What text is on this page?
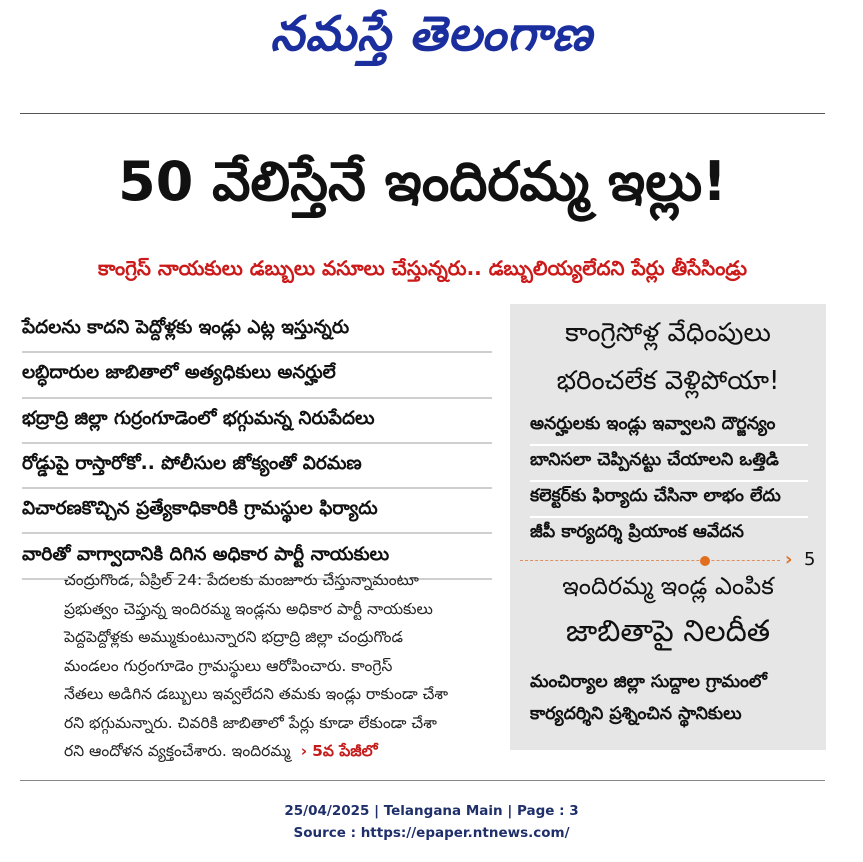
నమస్తే తెలంగాణ
50 వేలిస్తేనే ఇందిరమ్మ ఇల్లు!
కాంగ్రెస్ నాయకులు డబ్బులు వసూలు చేస్తున్నరు.. డబ్బులియ్యలేదని పేర్లు తీసేసిండ్రు
పేదలను కాదని పెద్దోళ్లకు ఇండ్లు ఎట్ల ఇస్తున్నరు
లబ్ధిదారుల జాబితాలో అత్యధికులు అనర్హులే
భద్రాద్రి జిల్లా గుర్రంగూడెంలో భగ్గుమన్న నిరుపేదలు
రోడ్డుపై రాస్తారోకో.. పోలీసుల జోక్యంతో విరమణ
విచారణకొచ్చిన ప్రత్యేకాధికారికి గ్రామస్థుల ఫిర్యాదు
వారితో వాగ్వాదానికి దిగిన అధికార పార్టీ నాయకులు
చంద్రుగొండ, ఏప్రిల్ 24: పేదలకు మంజూరు చేస్తున్నామంటూ
ప్రభుత్వం చెప్తున్న ఇందిరమ్మ ఇండ్లను అధికార పార్టీ నాయకులు
పెద్దపెద్దోళ్లకు అమ్ముకుంటున్నారని భద్రాద్రి జిల్లా చంద్రుగొండ
మండలం గుర్రంగూడెం గ్రామస్థులు ఆరోపించారు. కాంగ్రెస్
నేతలు అడిగిన డబ్బులు ఇవ్వలేదని తమకు ఇండ్లు రాకుండా చేశా
రని భగ్గుమన్నారు. చివరికి జాబితాలో పేర్లు కూడా లేకుండా చేశా
రని ఆందోళన వ్యక్తంచేశారు. ఇందిరమ్మ  › 5వ పేజీలో
కాంగ్రెసోళ్ల వేధింపులు
భరించలేక వెళ్లిపోయా!
అనర్హులకు ఇండ్లు ఇవ్వాలని దౌర్జన్యం
బానిసలా చెప్పినట్టు చేయాలని ఒత్తిడి
కలెక్టర్‌కు ఫిర్యాదు చేసినా లాభం లేదు
జీపీ కార్యదర్శి ప్రియాంక ఆవేదన
ఇందిరమ్మ ఇండ్ల ఎంపిక
జాబితాపై నిలదీత
మంచిర్యాల జిల్లా సుద్దాల గ్రామంలో
కార్యదర్శిని ప్రశ్నించిన స్థానికులు
› 5
25/04/2025 | Telangana Main | Page : 3
Source : https://epaper.ntnews.com/
